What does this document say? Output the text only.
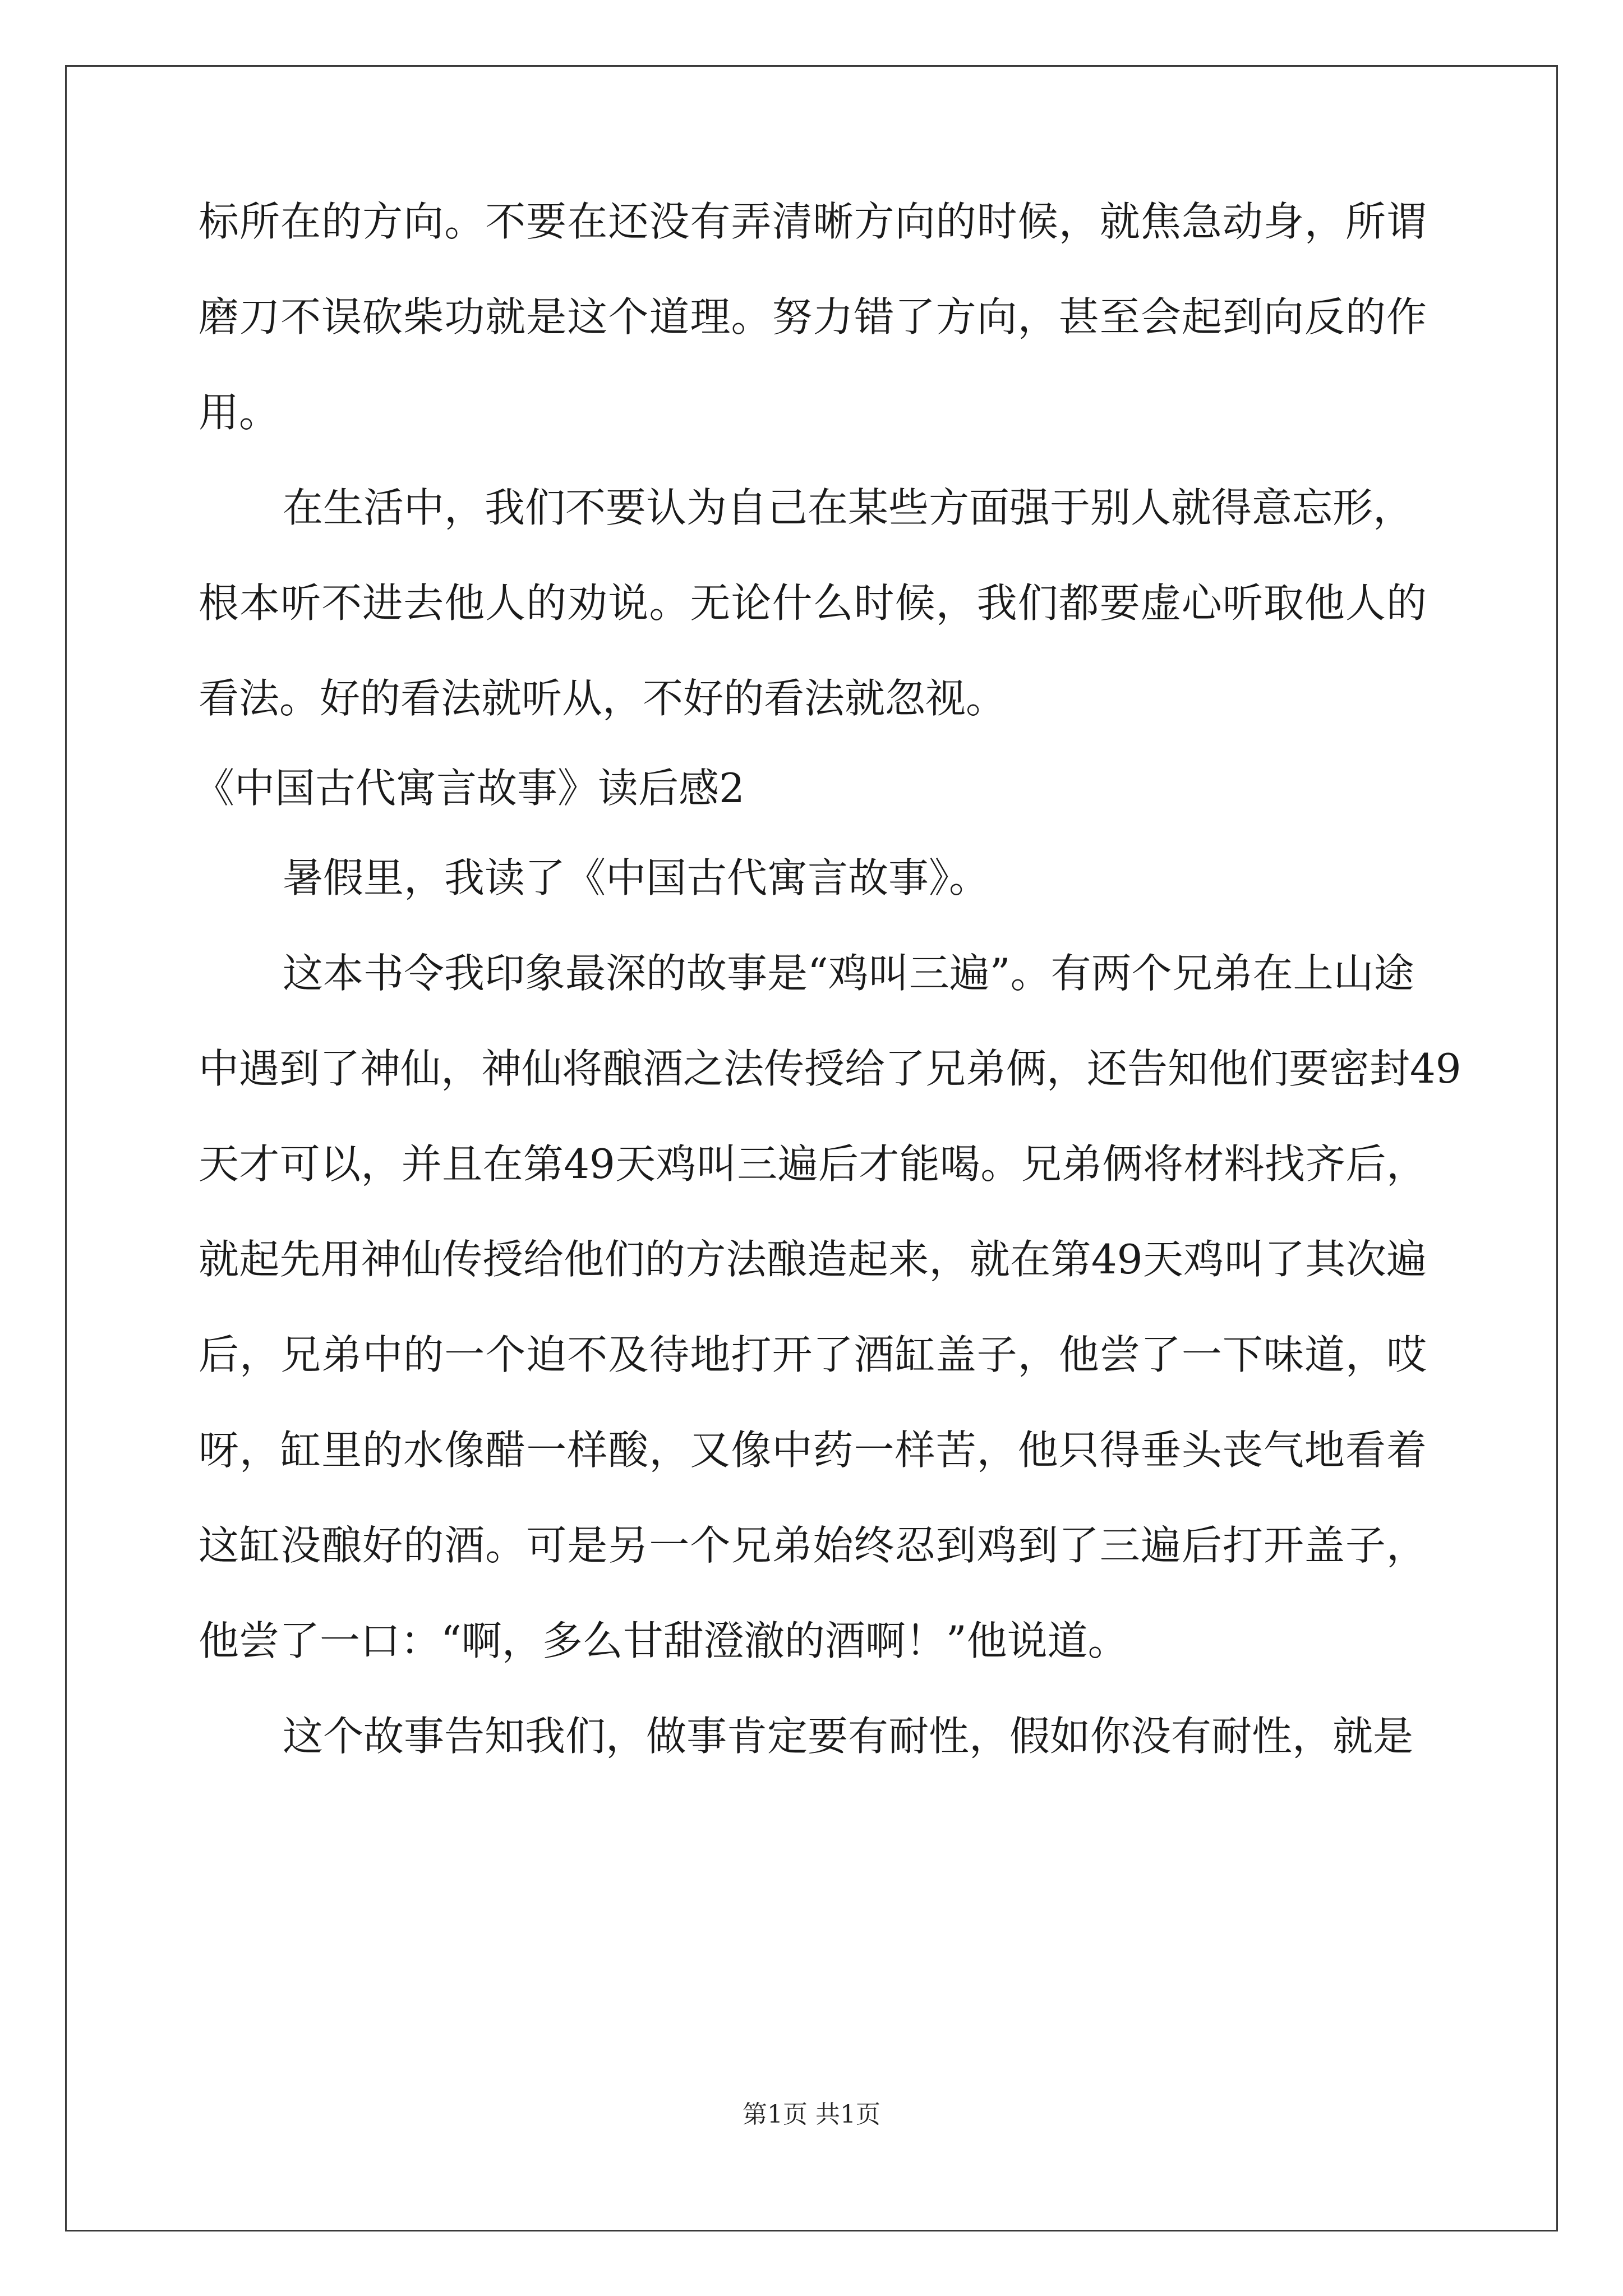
标所在的方向。不要在还没有弄清晰方向的时候，就焦急动身，所谓
磨刀不误砍柴功就是这个道理。努力错了方向，甚至会起到向反的作
用。
在生活中，我们不要认为自己在某些方面强于别人就得意忘形，
根本听不进去他人的劝说。无论什么时候，我们都要虚心听取他人的
看法。好的看法就听从，不好的看法就忽视。
《中国古代寓言故事》读后感2
暑假里，我读了《中国古代寓言故事》。
这本书令我印象最深的故事是“鸡叫三遍”。有两个兄弟在上山途
中遇到了神仙，神仙将酿酒之法传授给了兄弟俩，还告知他们要密封49
天才可以，并且在第49天鸡叫三遍后才能喝。兄弟俩将材料找齐后，
就起先用神仙传授给他们的方法酿造起来，就在第49天鸡叫了其次遍
后，兄弟中的一个迫不及待地打开了酒缸盖子，他尝了一下味道，哎
呀，缸里的水像醋一样酸，又像中药一样苦，他只得垂头丧气地看着
这缸没酿好的酒。可是另一个兄弟始终忍到鸡到了三遍后打开盖子，
他尝了一口：“啊，多么甘甜澄澈的酒啊！”他说道。
这个故事告知我们，做事肯定要有耐性，假如你没有耐性，就是
第1页 共1页
